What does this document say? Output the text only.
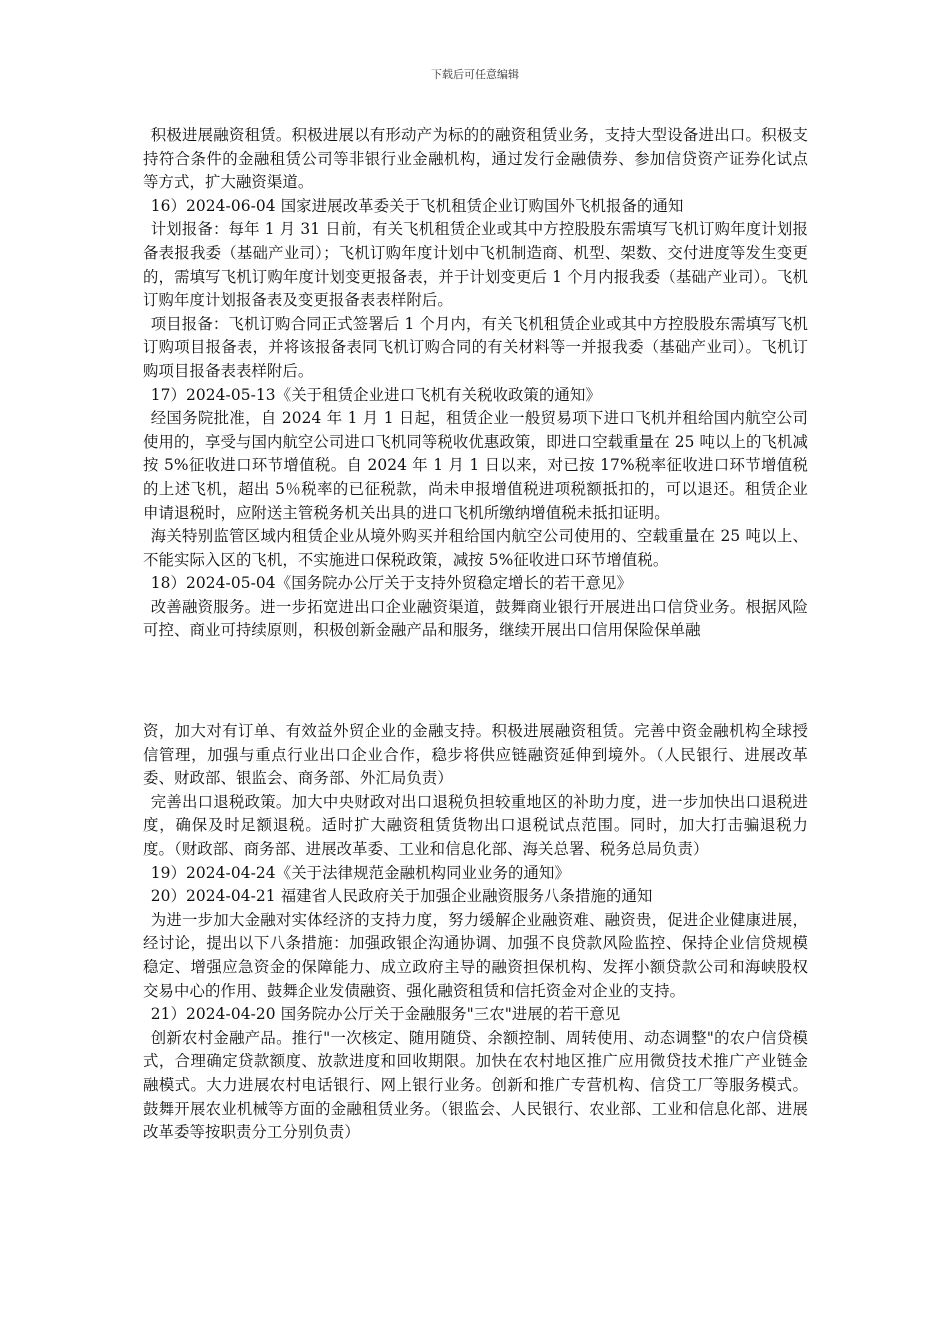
下载后可任意编辑

积极进展融资租赁。积极进展以有形动产为标的的融资租赁业务，支持大型设备进出口。积极支持符合条件的金融租赁公司等非银行业金融机构，通过发行金融债券、参加信贷资产证券化试点等方式，扩大融资渠道。

16）2024-06-04 国家进展改革委关于飞机租赁企业订购国外飞机报备的通知

计划报备：每年 1 月 31 日前，有关飞机租赁企业或其中方控股股东需填写飞机订购年度计划报备表报我委（基础产业司）；飞机订购年度计划中飞机制造商、机型、架数、交付进度等发生变更的，需填写飞机订购年度计划变更报备表，并于计划变更后 1 个月内报我委（基础产业司）。飞机订购年度计划报备表及变更报备表表样附后。

项目报备：飞机订购合同正式签署后 1 个月内，有关飞机租赁企业或其中方控股股东需填写飞机订购项目报备表，并将该报备表同飞机订购合同的有关材料等一并报我委（基础产业司）。飞机订购项目报备表表样附后。

17）2024-05-13《关于租赁企业进口飞机有关税收政策的通知》

经国务院批准，自 2024 年 1 月 1 日起，租赁企业一般贸易项下进口飞机并租给国内航空公司使用的，享受与国内航空公司进口飞机同等税收优惠政策，即进口空载重量在 25 吨以上的飞机减按 5%征收进口环节增值税。自 2024 年 1 月 1 日以来，对已按 17%税率征收进口环节增值税的上述飞机，超出 5％税率的已征税款，尚未申报增值税进项税额抵扣的，可以退还。租赁企业申请退税时，应附送主管税务机关出具的进口飞机所缴纳增值税未抵扣证明。

海关特别监管区域内租赁企业从境外购买并租给国内航空公司使用的、空载重量在 25 吨以上、不能实际入区的飞机，不实施进口保税政策，减按 5%征收进口环节增值税。

18）2024-05-04《国务院办公厅关于支持外贸稳定增长的若干意见》

改善融资服务。进一步拓宽进出口企业融资渠道，鼓舞商业银行开展进出口信贷业务。根据风险可控、商业可持续原则，积极创新金融产品和服务，继续开展出口信用保险保单融

资，加大对有订单、有效益外贸企业的金融支持。积极进展融资租赁。完善中资金融机构全球授信管理，加强与重点行业出口企业合作，稳步将供应链融资延伸到境外。（人民银行、进展改革委、财政部、银监会、商务部、外汇局负责）

完善出口退税政策。加大中央财政对出口退税负担较重地区的补助力度，进一步加快出口退税进度，确保及时足额退税。适时扩大融资租赁货物出口退税试点范围。同时，加大打击骗退税力度。（财政部、商务部、进展改革委、工业和信息化部、海关总署、税务总局负责）

19）2024-04-24《关于法律规范金融机构同业业务的通知》

20）2024-04-21 福建省人民政府关于加强企业融资服务八条措施的通知

为进一步加大金融对实体经济的支持力度，努力缓解企业融资难、融资贵，促进企业健康进展，经讨论，提出以下八条措施：加强政银企沟通协调、加强不良贷款风险监控、保持企业信贷规模稳定、增强应急资金的保障能力、成立政府主导的融资担保机构、发挥小额贷款公司和海峡股权交易中心的作用、鼓舞企业发债融资、强化融资租赁和信托资金对企业的支持。

21）2024-04-20 国务院办公厅关于金融服务"三农"进展的若干意见

创新农村金融产品。推行"一次核定、随用随贷、余额控制、周转使用、动态调整"的农户信贷模式，合理确定贷款额度、放款进度和回收期限。加快在农村地区推广应用微贷技术推广产业链金融模式。大力进展农村电话银行、网上银行业务。创新和推广专营机构、信贷工厂等服务模式。鼓舞开展农业机械等方面的金融租赁业务。（银监会、人民银行、农业部、工业和信息化部、进展改革委等按职责分工分别负责）
